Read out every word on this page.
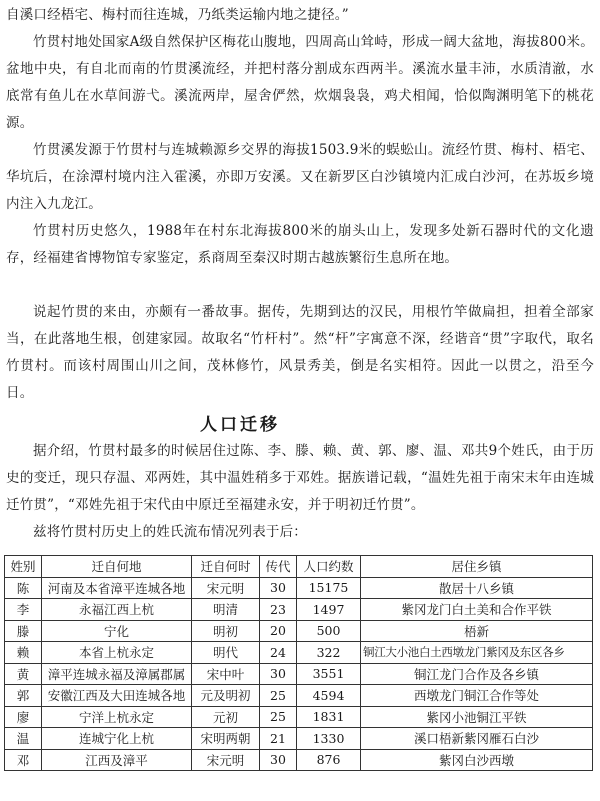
自溪口经梧宅、梅村而往连城，乃纸类运输内地之捷径。”

竹贯村地处国家A级自然保护区梅花山腹地，四周高山耸峙，形成一阔大盆地，海拔800米。盆地中央，有自北而南的竹贯溪流经，并把村落分割成东西两半。溪流水量丰沛，水质清澈，水底常有鱼儿在水草间游弋。溪流两岸，屋舍俨然，炊烟袅袅，鸡犬相闻，恰似陶渊明笔下的桃花源。

竹贯溪发源于竹贯村与连城赖源乡交界的海拔1503.9米的蜈蚣山。流经竹贯、梅村、梧宅、华坑后，在涂潭村境内注入霍溪，亦即万安溪。又在新罗区白沙镇境内汇成白沙河，在苏坂乡境内注入九龙江。

竹贯村历史悠久，1988年在村东北海拔800米的崩头山上，发现多处新石器时代的文化遗存，经福建省博物馆专家鉴定，系商周至秦汉时期古越族繁衍生息所在地。

说起竹贯的来由，亦颇有一番故事。据传，先期到达的汉民，用根竹竿做扁担，担着全部家当，在此落地生根，创建家园。故取名“竹杆村”。然“杆”字寓意不深，经谐音“贯”字取代，取名竹贯村。而该村周围山川之间，茂林修竹，风景秀美，倒是名实相符。因此一以贯之，沿至今日。

人口迁移

据介绍，竹贯村最多的时候居住过陈、李、滕、赖、黄、郭、廖、温、邓共9个姓氏，由于历史的变迁，现只存温、邓两姓，其中温姓稍多于邓姓。据族谱记载，“温姓先祖于南宋末年由连城迁竹贯”，“邓姓先祖于宋代由中原迁至福建永安，并于明初迁竹贯”。

兹将竹贯村历史上的姓氏流布情况列表于后：

姓别	迁自何地	迁自何时	传代	人口约数	居住乡镇
陈	河南及本省漳平连城各地	宋元明	30	15175	散居十八乡镇
李	永福江西上杭	明清	23	1497	紫冈龙门白土美和合作平铁
滕	宁化	明初	20	500	梧新
赖	本省上杭永定	明代	24	322	铜江大小池白土西墩龙门紫冈及东区各乡
黄	漳平连城永福及漳属郡属	宋中叶	30	3551	铜江龙门合作及各乡镇
郭	安徽江西及大田连城各地	元及明初	25	4594	西墩龙门铜江合作等处
廖	宁洋上杭永定	元初	25	1831	紫冈小池铜江平铁
温	连城宁化上杭	宋明两朝	21	1330	溪口梧新紫冈雁石白沙
邓	江西及漳平	宋元明	30	876	紫冈白沙西墩
